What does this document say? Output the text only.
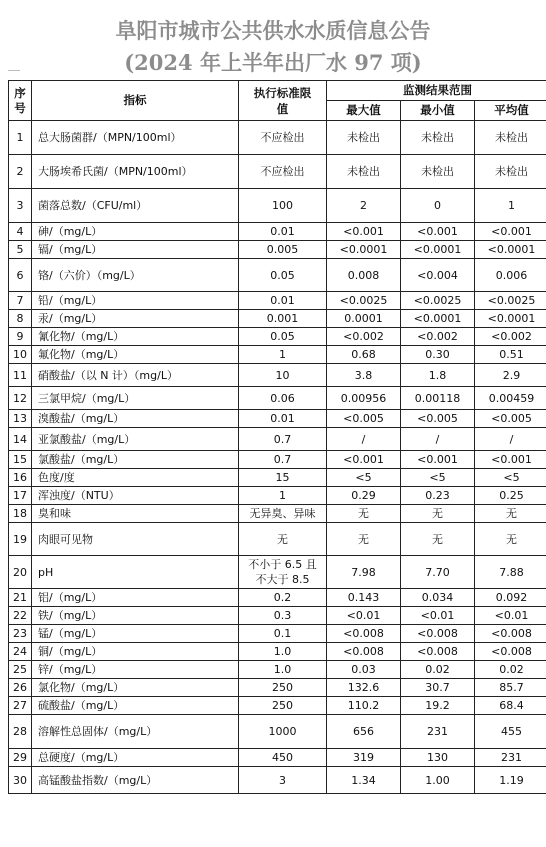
阜阳市城市公共供水水质信息公告
(2024 年上半年出厂水 97 项)
序号	指标	执行标准限值	监测结果范围		
			最大值	最小值	平均值
1	总大肠菌群/（MPN/100ml）	不应检出	未检出	未检出	未检出
2	大肠埃希氏菌/（MPN/100ml）	不应检出	未检出	未检出	未检出
3	菌落总数/（CFU/ml）	100	2	0	1
4	砷/（mg/L）	0.01	<0.001	<0.001	<0.001
5	镉/（mg/L）	0.005	<0.0001	<0.0001	<0.0001
6	铬/（六价）（mg/L）	0.05	0.008	<0.004	0.006
7	铅/（mg/L）	0.01	<0.0025	<0.0025	<0.0025
8	汞/（mg/L）	0.001	0.0001	<0.0001	<0.0001
9	氰化物/（mg/L）	0.05	<0.002	<0.002	<0.002
10	氟化物/（mg/L）	1	0.68	0.30	0.51
11	硝酸盐/（以 N 计）（mg/L）	10	3.8	1.8	2.9
12	三氯甲烷/（mg/L）	0.06	0.00956	0.00118	0.00459
13	溴酸盐/（mg/L）	0.01	<0.005	<0.005	<0.005
14	亚氯酸盐/（mg/L）	0.7	/	/	/
15	氯酸盐/（mg/L）	0.7	<0.001	<0.001	<0.001
16	色度/度	15	<5	<5	<5
17	浑浊度/（NTU）	1	0.29	0.23	0.25
18	臭和味	无异臭、异味	无	无	无
19	肉眼可见物	无	无	无	无
20	pH	不小于 6.5 且不大于 8.5	7.98	7.70	7.88
21	铝/（mg/L）	0.2	0.143	0.034	0.092
22	铁/（mg/L）	0.3	<0.01	<0.01	<0.01
23	锰/（mg/L）	0.1	<0.008	<0.008	<0.008
24	铜/（mg/L）	1.0	<0.008	<0.008	<0.008
25	锌/（mg/L）	1.0	0.03	0.02	0.02
26	氯化物/（mg/L）	250	132.6	30.7	85.7
27	硫酸盐/（mg/L）	250	110.2	19.2	68.4
28	溶解性总固体/（mg/L）	1000	656	231	455
29	总硬度/（mg/L）	450	319	130	231
30	高锰酸盐指数/（mg/L）	3	1.34	1.00	1.19
